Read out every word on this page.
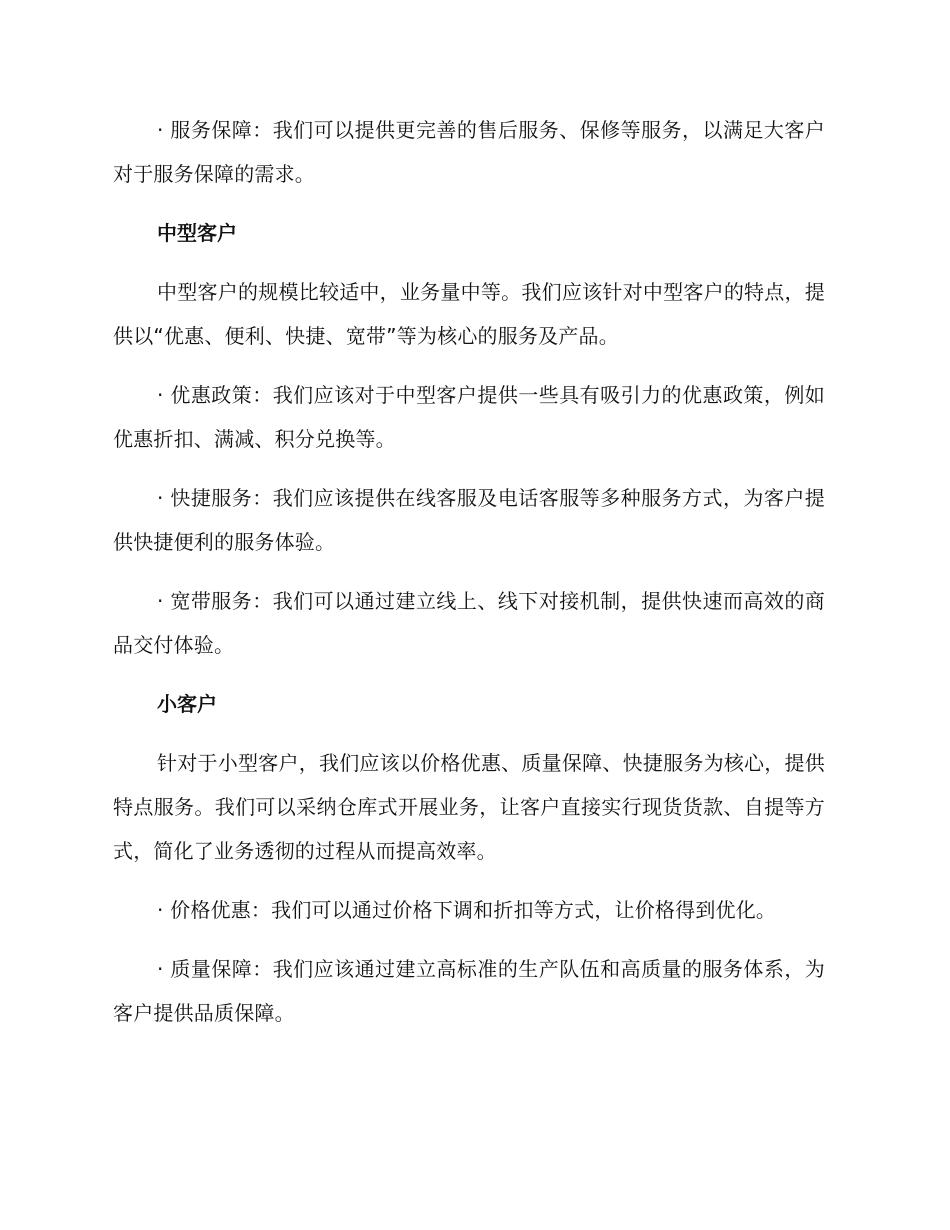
· 服务保障：我们可以提供更完善的售后服务、保修等服务，以满足大客户对于服务保障的需求。

中型客户

中型客户的规模比较适中，业务量中等。我们应该针对中型客户的特点，提供以“优惠、便利、快捷、宽带”等为核心的服务及产品。

· 优惠政策：我们应该对于中型客户提供一些具有吸引力的优惠政策，例如优惠折扣、满减、积分兑换等。

· 快捷服务：我们应该提供在线客服及电话客服等多种服务方式，为客户提供快捷便利的服务体验。

· 宽带服务：我们可以通过建立线上、线下对接机制，提供快速而高效的商品交付体验。

小客户

针对于小型客户，我们应该以价格优惠、质量保障、快捷服务为核心，提供特点服务。我们可以采纳仓库式开展业务，让客户直接实行现货货款、自提等方式，简化了业务透彻的过程从而提高效率。

· 价格优惠：我们可以通过价格下调和折扣等方式，让价格得到优化。

· 质量保障：我们应该通过建立高标准的生产队伍和高质量的服务体系，为客户提供品质保障。
